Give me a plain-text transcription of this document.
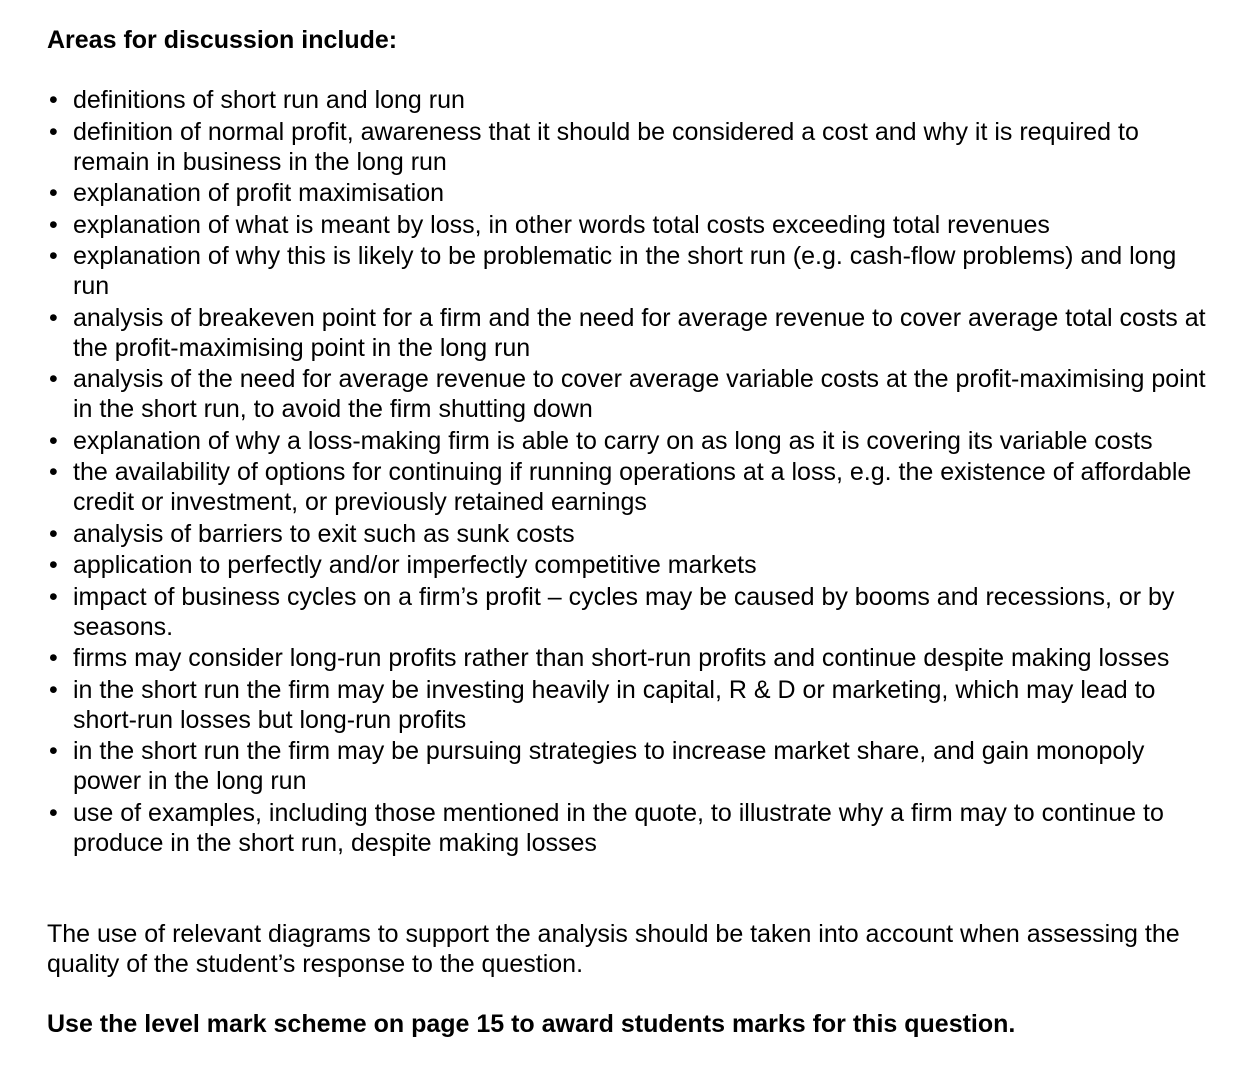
Areas for discussion include:
• definitions of short run and long run
• definition of normal profit, awareness that it should be considered a cost and why it is required to remain in business in the long run
• explanation of profit maximisation
• explanation of what is meant by loss, in other words total costs exceeding total revenues
• explanation of why this is likely to be problematic in the short run (e.g. cash-flow problems) and long run
• analysis of breakeven point for a firm and the need for average revenue to cover average total costs at the profit-maximising point in the long run
• analysis of the need for average revenue to cover average variable costs at the profit-maximising point in the short run, to avoid the firm shutting down
• explanation of why a loss-making firm is able to carry on as long as it is covering its variable costs
• the availability of options for continuing if running operations at a loss, e.g. the existence of affordable credit or investment, or previously retained earnings
• analysis of barriers to exit such as sunk costs
• application to perfectly and/or imperfectly competitive markets
• impact of business cycles on a firm’s profit – cycles may be caused by booms and recessions, or by seasons.
• firms may consider long-run profits rather than short-run profits and continue despite making losses
• in the short run the firm may be investing heavily in capital, R & D or marketing, which may lead to short-run losses but long-run profits
• in the short run the firm may be pursuing strategies to increase market share, and gain monopoly power in the long run
• use of examples, including those mentioned in the quote, to illustrate why a firm may to continue to produce in the short run, despite making losses

The use of relevant diagrams to support the analysis should be taken into account when assessing the quality of the student’s response to the question.

Use the level mark scheme on page 15 to award students marks for this question.
